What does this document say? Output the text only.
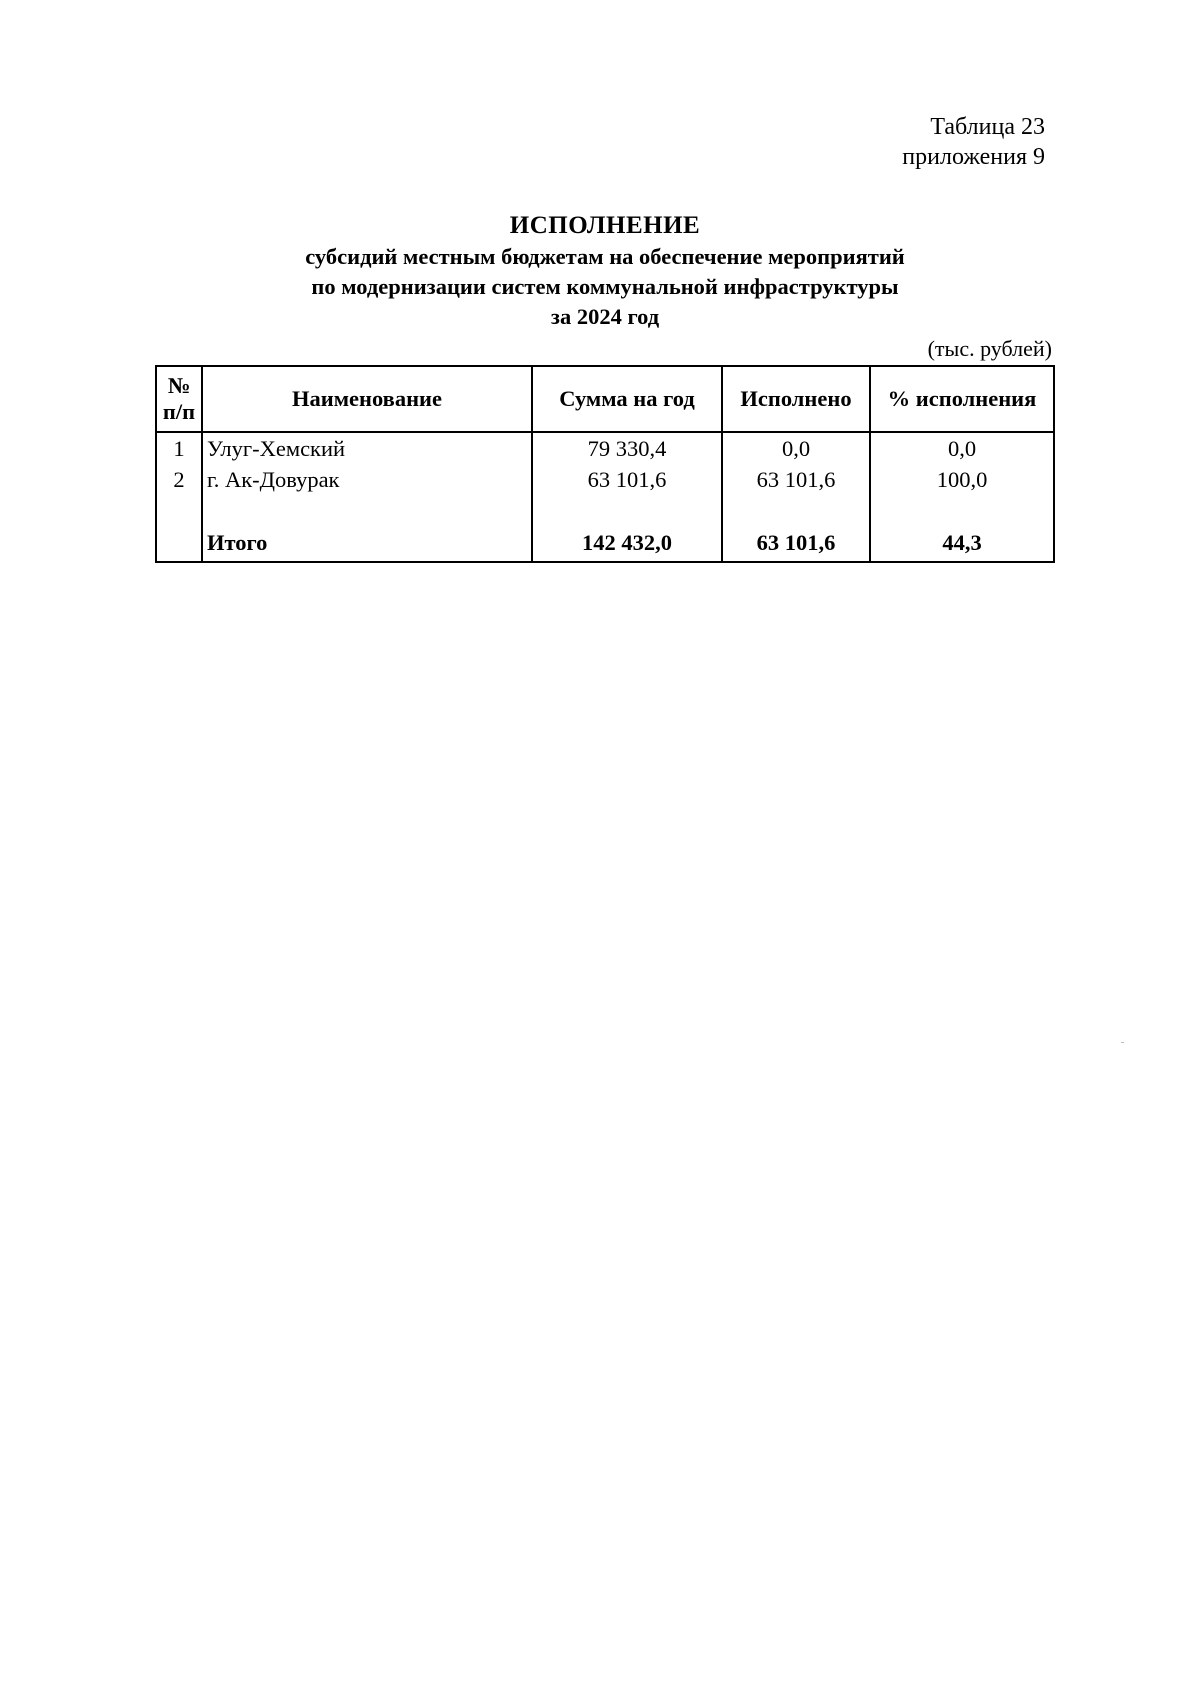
Таблица 23
приложения 9
ИСПОЛНЕНИЕ
субсидий местным бюджетам на обеспечение мероприятий
по модернизации систем коммунальной инфраструктуры
за 2024 год
(тыс. рублей)
№
п/п	Наименование	Сумма на год	Исполнено	% исполнения
1	Улуг-Хемский	79 330,4	0,0	0,0
2	г. Ак-Довурак	63 101,6	63 101,6	100,0
	Итого	142 432,0	63 101,6	44,3
